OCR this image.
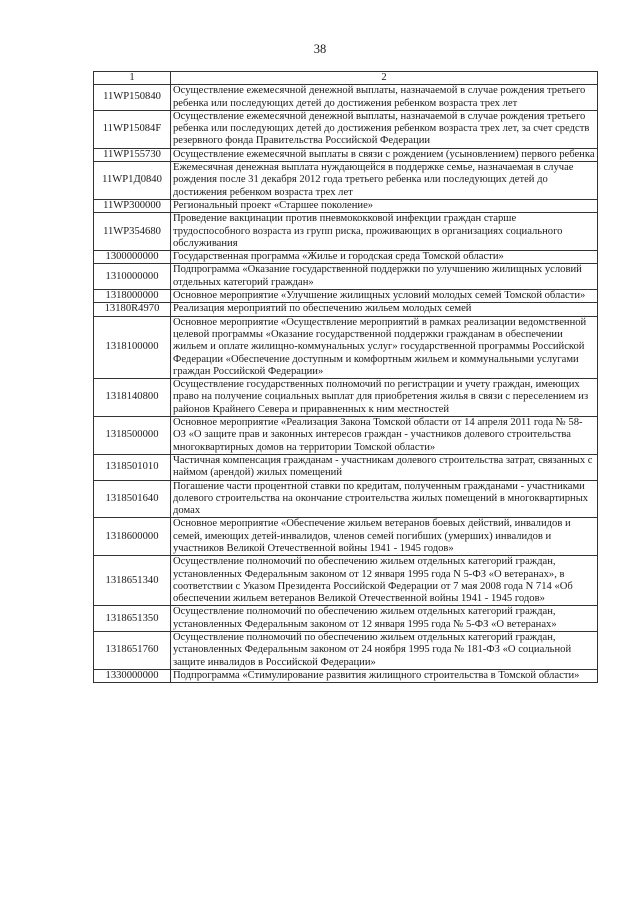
38
1	2
11WP150840	Осуществление ежемесячной денежной выплаты, назначаемой в случае рождения третьего ребенка или последующих детей до достижения ребенком возраста трех лет
11WP15084F	Осуществление ежемесячной денежной выплаты, назначаемой в случае рождения третьего ребенка или последующих детей до достижения ребенком возраста трех лет, за счет средств резервного фонда Правительства Российской Федерации
11WP155730	Осуществление ежемесячной выплаты в связи с рождением (усыновлением) первого ребенка
11WP1Д0840	Ежемесячная денежная выплата нуждающейся в поддержке семье, назначаемая в случае рождения после 31 декабря 2012 года третьего ребенка или последующих детей до достижения ребенком возраста трех лет
11WP300000	Региональный проект «Старшее поколение»
11WP354680	Проведение вакцинации против пневмококковой инфекции граждан старше трудоспособного возраста из групп риска, проживающих в организациях социального обслуживания
1300000000	Государственная программа «Жилье и городская среда Томской области»
1310000000	Подпрограмма «Оказание государственной поддержки по улучшению жилищных условий отдельных категорий граждан»
1318000000	Основное мероприятие «Улучшение жилищных условий молодых семей Томской области»
13180R4970	Реализация мероприятий по обеспечению жильем молодых семей
1318100000	Основное мероприятие «Осуществление мероприятий в рамках реализации ведомственной целевой программы «Оказание государственной поддержки гражданам в обеспечении жильем и оплате жилищно-коммунальных услуг» государственной программы Российской Федерации «Обеспечение доступным и комфортным жильем и коммунальными услугами граждан Российской Федерации»
1318140800	Осуществление государственных полномочий по регистрации и учету граждан, имеющих право на получение социальных выплат для приобретения жилья в связи с переселением из районов Крайнего Севера и приравненных к ним местностей
1318500000	Основное мероприятие «Реализация Закона Томской области от 14 апреля 2011 года № 58-ОЗ «О защите прав и законных интересов граждан - участников долевого строительства многоквартирных домов на территории Томской области»
1318501010	Частичная компенсация гражданам - участникам долевого строительства затрат, связанных с наймом (арендой) жилых помещений
1318501640	Погашение части процентной ставки по кредитам, полученным гражданами - участниками долевого строительства на окончание строительства жилых помещений в многоквартирных домах
1318600000	Основное мероприятие «Обеспечение жильем ветеранов боевых действий, инвалидов и семей, имеющих детей-инвалидов, членов семей погибших (умерших) инвалидов и участников Великой Отечественной войны 1941 - 1945 годов»
1318651340	Осуществление полномочий по обеспечению жильем отдельных категорий граждан, установленных Федеральным законом от 12 января 1995 года N 5-ФЗ «О ветеранах», в соответствии с Указом Президента Российской Федерации от 7 мая 2008 года N 714 «Об обеспечении жильем ветеранов Великой Отечественной войны 1941 - 1945 годов»
1318651350	Осуществление полномочий по обеспечению жильем отдельных категорий граждан, установленных Федеральным законом от 12 января 1995 года № 5-ФЗ «О ветеранах»
1318651760	Осуществление полномочий по обеспечению жильем отдельных категорий граждан, установленных Федеральным законом от 24 ноября 1995 года № 181-ФЗ «О социальной защите инвалидов в Российской Федерации»
1330000000	Подпрограмма «Стимулирование развития жилищного строительства в Томской области»
